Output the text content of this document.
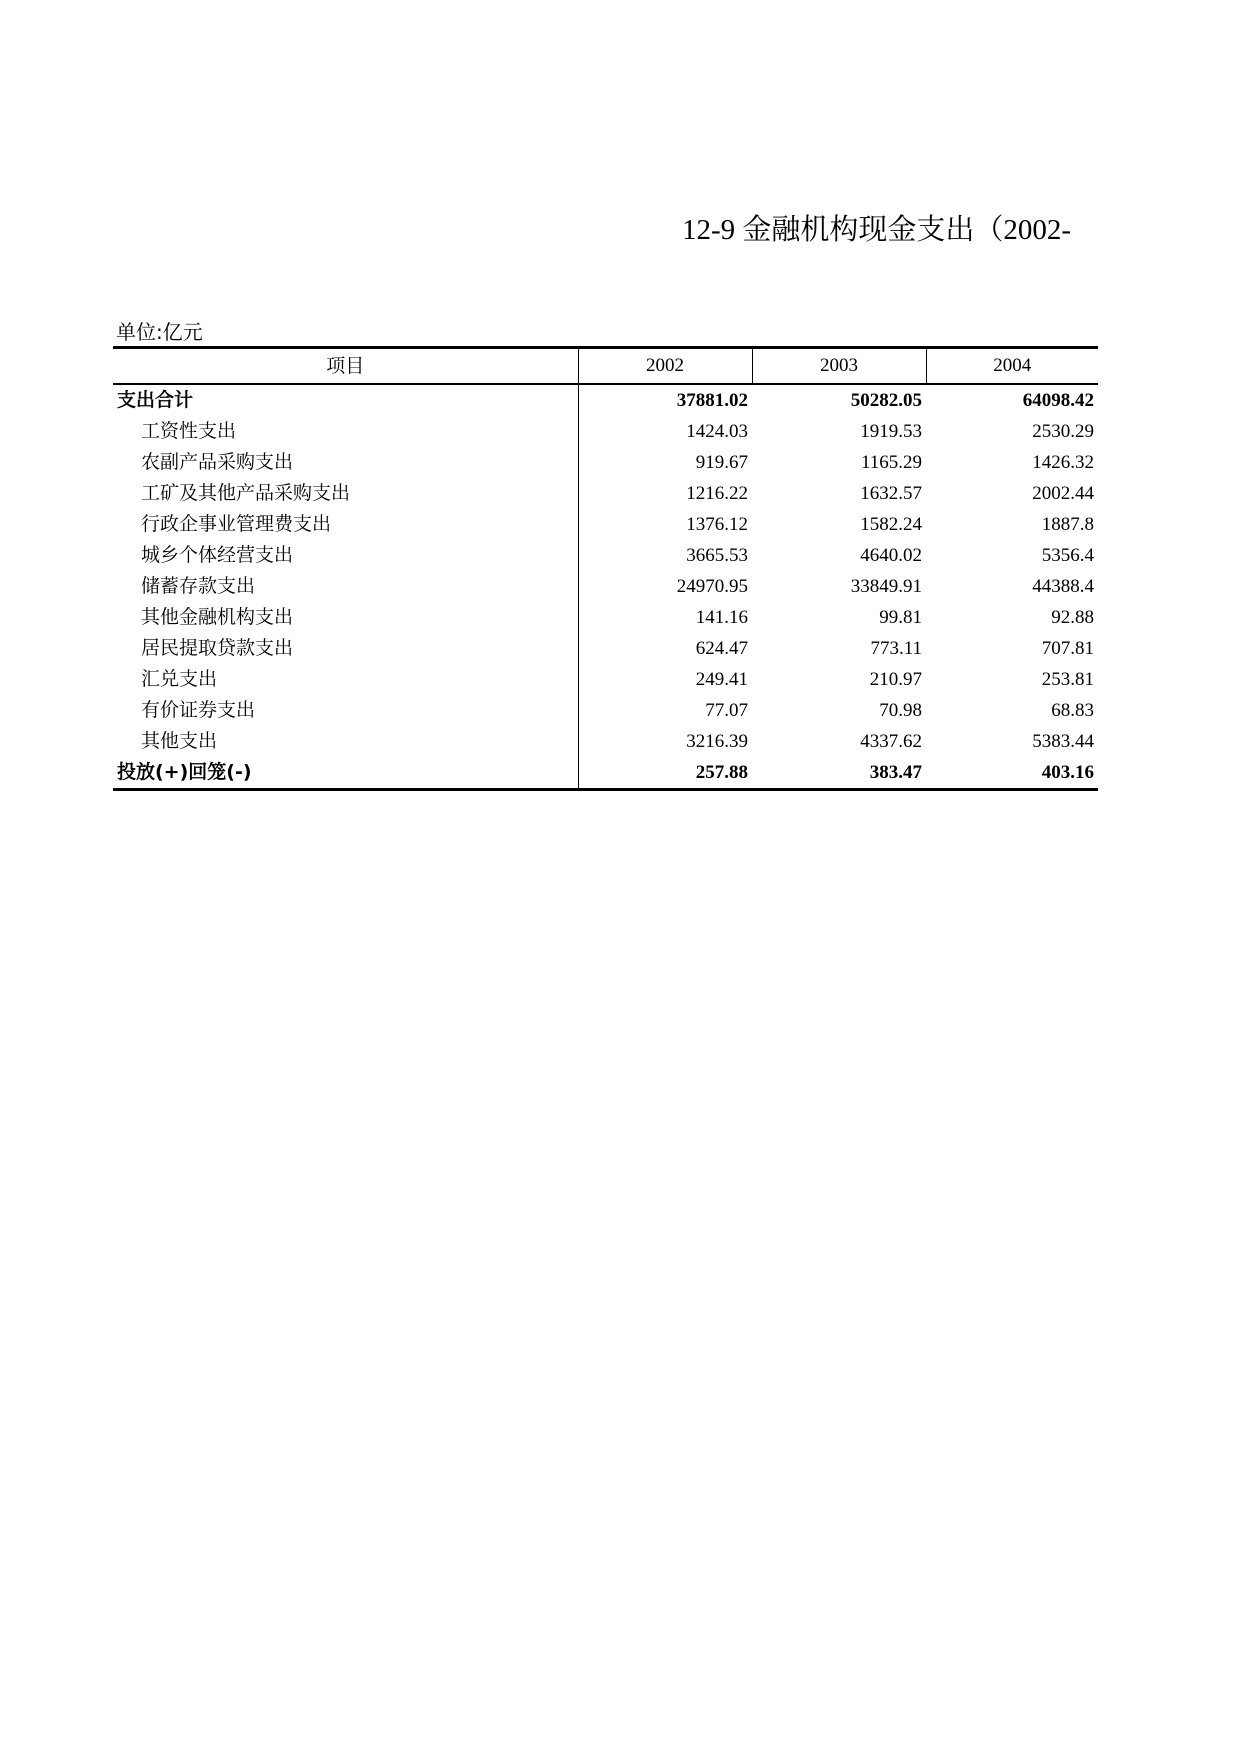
12-9 金融机构现金支出（2002-
单位:亿元
项目	2002	2003	2004
支出合计	37881.02	50282.05	64098.42
工资性支出	1424.03	1919.53	2530.29
农副产品采购支出	919.67	1165.29	1426.32
工矿及其他产品采购支出	1216.22	1632.57	2002.44
行政企事业管理费支出	1376.12	1582.24	1887.8
城乡个体经营支出	3665.53	4640.02	5356.4
储蓄存款支出	24970.95	33849.91	44388.4
其他金融机构支出	141.16	99.81	92.88
居民提取贷款支出	624.47	773.11	707.81
汇兑支出	249.41	210.97	253.81
有价证券支出	77.07	70.98	68.83
其他支出	3216.39	4337.62	5383.44
投放(+)回笼(-)	257.88	383.47	403.16
